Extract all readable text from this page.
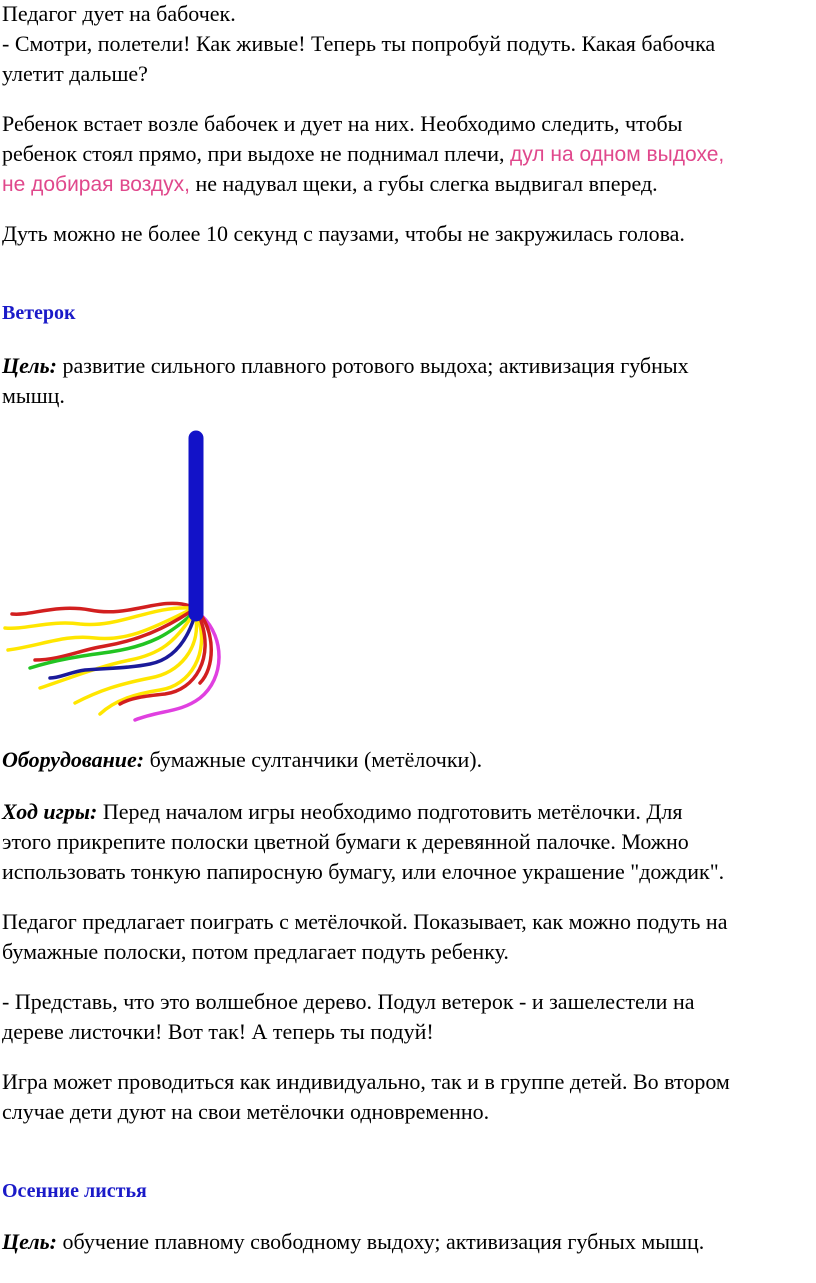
Педагог дует на бабочек.

- Смотри, полетели! Как живые! Теперь ты попробуй подуть. Какая бабочка

улетит дальше?

Ребенок встает возле бабочек и дует на них. Необходимо следить, чтобы

ребенок стоял прямо, при выдохе не поднимал плечи, дул на одном выдохе,

не добирая воздух, не надувал щеки, а губы слегка выдвигал вперед.

Дуть можно не более 10 секунд с паузами, чтобы не закружилась голова.

Ветерок

Цель: развитие сильного плавного ротового выдоха; активизация губных

мышц.

Оборудование: бумажные султанчики (метёлочки).

Ход игры: Перед началом игры необходимо подготовить метёлочки. Для

этого прикрепите полоски цветной бумаги к деревянной палочке. Можно

использовать тонкую папиросную бумагу, или елочное украшение "дождик".

Педагог предлагает поиграть с метёлочкой. Показывает, как можно подуть на

бумажные полоски, потом предлагает подуть ребенку.

- Представь, что это волшебное дерево. Подул ветерок - и зашелестели на

дереве листочки! Вот так! А теперь ты подуй!

Игра может проводиться как индивидуально, так и в группе детей. Во втором

случае дети дуют на свои метёлочки одновременно.

Осенние листья

Цель: обучение плавному свободному выдоху; активизация губных мышц.
